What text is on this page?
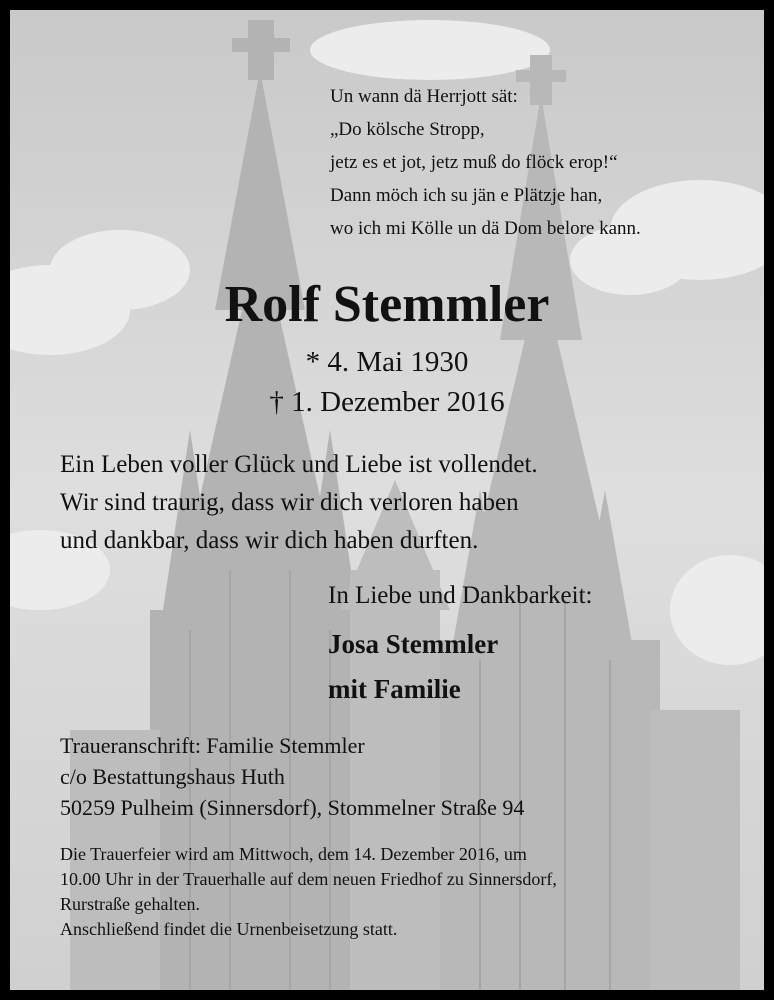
Un wann dä Herrjott sät:
„Do kölsche Stropp,
jetz es et jot, jetz muß do flöck erop!“
Dann möch ich su jän e Plätzje han,
wo ich mi Kölle un dä Dom belore kann.
Rolf Stemmler
* 4. Mai 1930
† 1. Dezember 2016
Ein Leben voller Glück und Liebe ist vollendet.
Wir sind traurig, dass wir dich verloren haben
und dankbar, dass wir dich haben durften.
In Liebe und Dankbarkeit:
Josa Stemmler
mit Familie
Traueranschrift: Familie Stemmler
c/o Bestattungshaus Huth
50259 Pulheim (Sinnersdorf), Stommelner Straße 94
Die Trauerfeier wird am Mittwoch, dem 14. Dezember 2016, um
10.00 Uhr in der Trauerhalle auf dem neuen Friedhof zu Sinnersdorf,
Rurstraße gehalten.
Anschließend findet die Urnenbeisetzung statt.
